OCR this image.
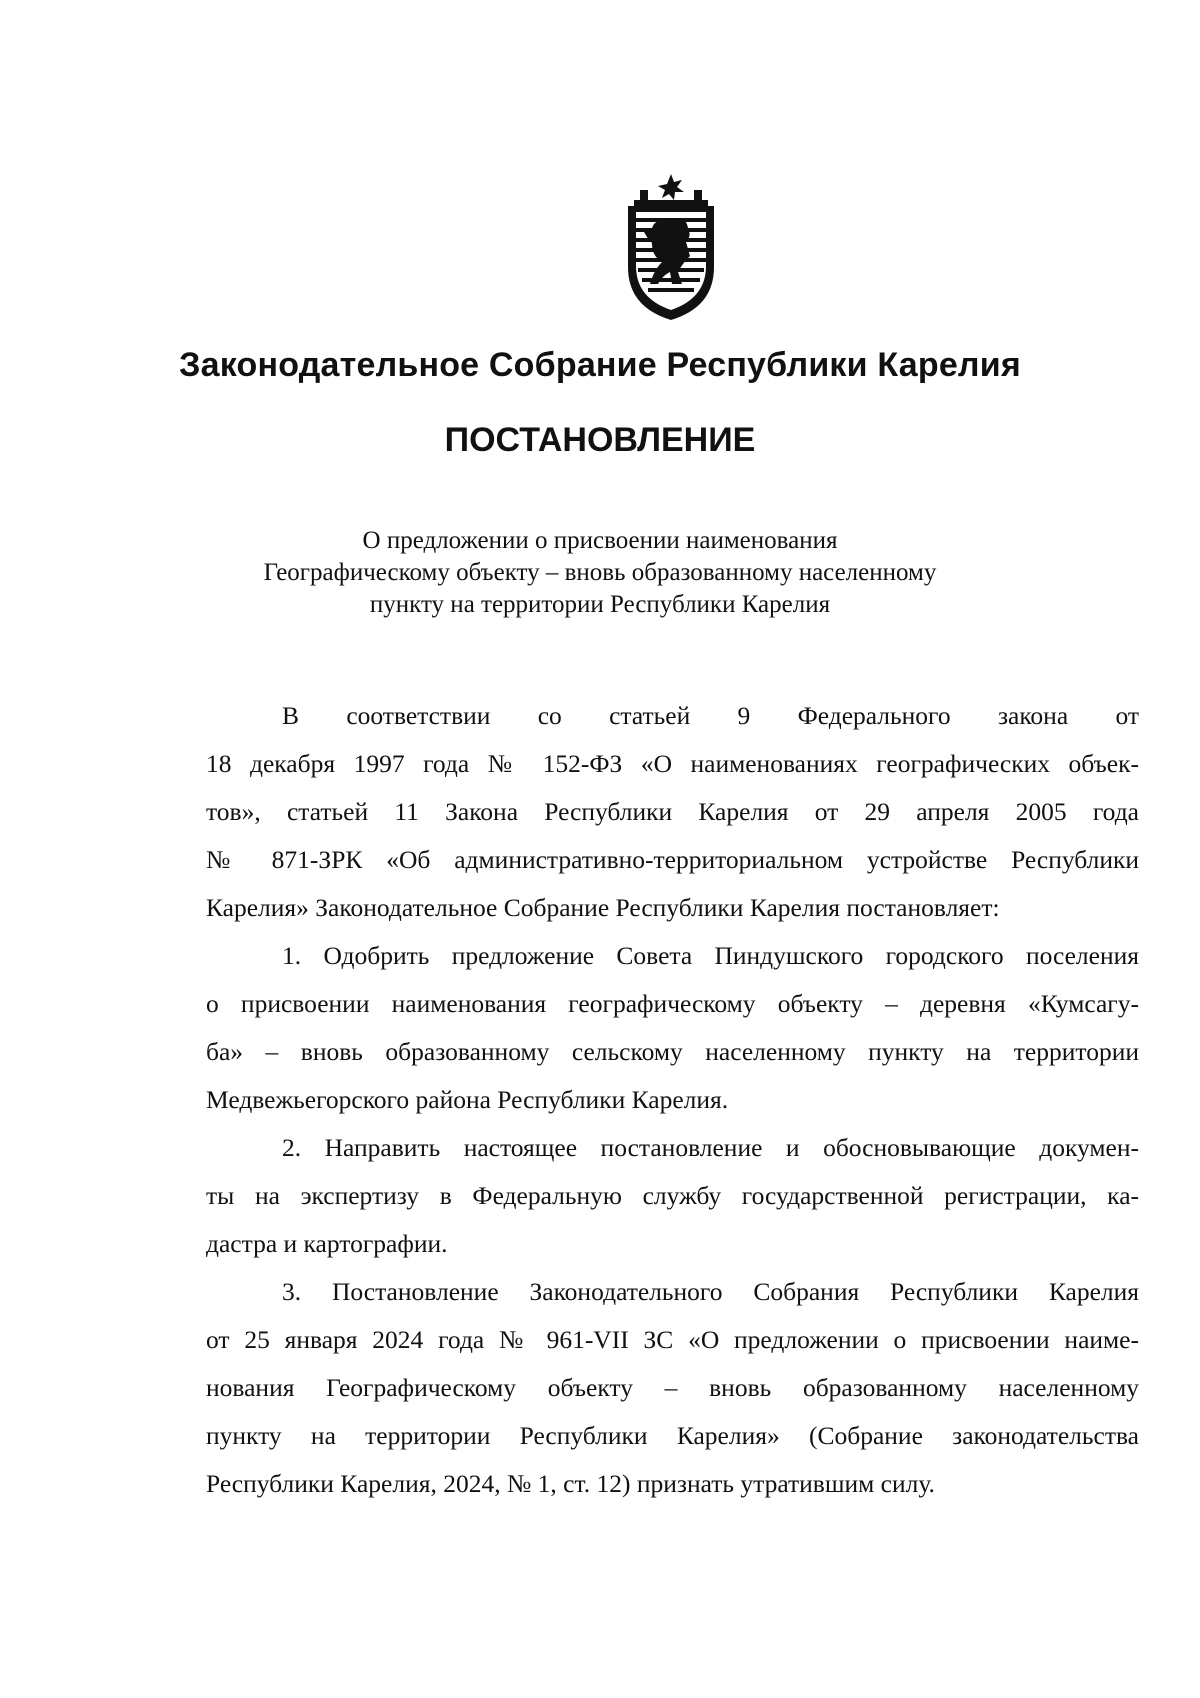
Законодательное Собрание Республики Карелия
ПОСТАНОВЛЕНИЕ
О предложении о присвоении наименования
Географическому объекту – вновь образованному населенному
пункту на территории Республики Карелия
В соответствии со статьей 9 Федерального закона от
18 декабря 1997 года № 152-ФЗ «О наименованиях географических объек-
тов», статьей 11 Закона Республики Карелия от 29 апреля 2005 года
№ 871-ЗРК «Об административно-территориальном устройстве Республики
Карелия» Законодательное Собрание Республики Карелия постановляет:
1. Одобрить предложение Совета Пиндушского городского поселения
о присвоении наименования географическому объекту – деревня «Кумсагу-
ба» – вновь образованному сельскому населенному пункту на территории
Медвежьегорского района Республики Карелия.
2. Направить настоящее постановление и обосновывающие докумен-
ты на экспертизу в Федеральную службу государственной регистрации, ка-
дастра и картографии.
3. Постановление Законодательного Собрания Республики Карелия
от 25 января 2024 года № 961-VII ЗС «О предложении о присвоении наиме-
нования Географическому объекту – вновь образованному населенному
пункту на территории Республики Карелия» (Собрание законодательства
Республики Карелия, 2024, № 1, ст. 12) признать утратившим силу.
